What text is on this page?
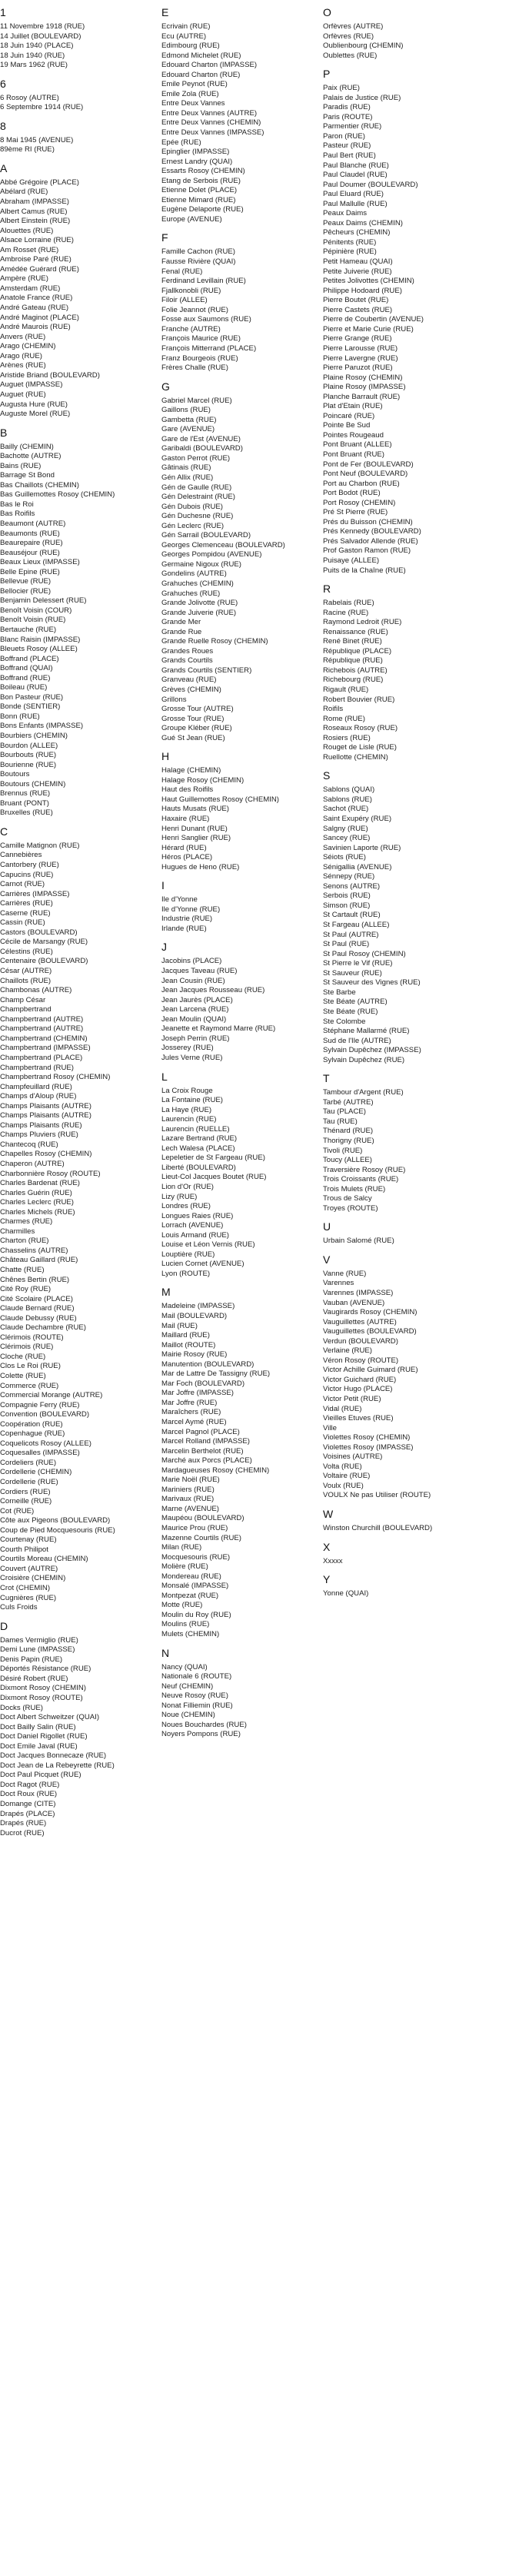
1
11 Novembre 1918 (RUE)
14 Juillet (BOULEVARD)
18 Juin 1940 (PLACE)
18 Juin 1940 (RUE)
19 Mars 1962 (RUE)
6
6 Rosoy (AUTRE)
6 Septembre 1914 (RUE)
8
8 Mai 1945 (AVENUE)
89ème RI (RUE)
A
Abbé Grégoire (PLACE)
Abélard (RUE)
Abraham (IMPASSE)
Albert Camus (RUE)
Albert Einstein (RUE)
Alouettes (RUE)
Alsace Lorraine (RUE)
Am Rosset (RUE)
Ambroise Paré (RUE)
Amédée Guérard (RUE)
Ampère (RUE)
Amsterdam (RUE)
Anatole France (RUE)
André Gateau (RUE)
André Maginot (PLACE)
André Maurois (RUE)
Anvers (RUE)
Arago (CHEMIN)
Arago (RUE)
Arènes (RUE)
Aristide Briand (BOULEVARD)
Auguet (IMPASSE)
Auguet (RUE)
Augusta Hure (RUE)
Auguste Morel (RUE)
B
Bailly (CHEMIN)
Bachotte (AUTRE)
Bains (RUE)
Barrage St Bond
Bas Chaillots (CHEMIN)
Bas Guillemottes Rosoy (CHEMIN)
Bas le Roi
Bas Roifils
Beaumont (AUTRE)
Beaumonts (RUE)
Beaurepaire (RUE)
Beauséjour (RUE)
Beaux Lieux (IMPASSE)
Belle Epine (RUE)
Bellevue (RUE)
Bellocier (RUE)
Benjamin Delessert (RUE)
Benoît Voisin (COUR)
Benoît Voisin (RUE)
Bertauche (RUE)
Blanc Raisin (IMPASSE)
Bleuets Rosoy (ALLEE)
Boffrand (PLACE)
Boffrand (QUAI)
Boffrand (RUE)
Boileau (RUE)
Bon Pasteur (RUE)
Bonde (SENTIER)
Bonn (RUE)
Bons Enfants (IMPASSE)
Bourbiers (CHEMIN)
Bourdon (ALLEE)
Bourbouts (RUE)
Bourienne (RUE)
Boutours
Boutours (CHEMIN)
Brennus (RUE)
Bruant (PONT)
Bruxelles (RUE)
C
Camille Matignon (RUE)
Cannebières
Cantorbery (RUE)
Capucins (RUE)
Carnot (RUE)
Carrières (IMPASSE)
Carrières (RUE)
Caserne (RUE)
Cassin (RUE)
Castors (BOULEVARD)
Cécile de Marsangy (RUE)
Célestins (RUE)
Centenaire (BOULEVARD)
César (AUTRE)
Chaillots (RUE)
Chambonas (AUTRE)
Champ César
Champbertrand
Champbertrand (AUTRE)
Champbertrand (AUTRE)
Champbertrand (CHEMIN)
Champbertrand (IMPASSE)
Champbertrand (PLACE)
Champbertrand (RUE)
Champbertrand Rosoy (CHEMIN)
Champfeuillard (RUE)
Champs d'Aloup (RUE)
Champs Plaisants (AUTRE)
Champs Plaisants (AUTRE)
Champs Plaisants (RUE)
Champs Pluviers (RUE)
Chantecoq (RUE)
Chapelles Rosoy (CHEMIN)
Chaperon (AUTRE)
Charbonnière Rosoy (ROUTE)
Charles Bardenat (RUE)
Charles Guérin (RUE)
Charles Leclerc (RUE)
Charles Michels (RUE)
Charmes (RUE)
Charmilles
Charton (RUE)
Chasselins (AUTRE)
Château Gaillard (RUE)
Chatte (RUE)
Chênes Bertin (RUE)
Cité Roy (RUE)
Cité Scolaire (PLACE)
Claude Bernard (RUE)
Claude Debussy (RUE)
Claude Dechambre (RUE)
Clérimois (ROUTE)
Clérimois (RUE)
Cloche (RUE)
Clos Le Roi (RUE)
Colette (RUE)
Commerce (RUE)
Commercial Morange (AUTRE)
Compagnie Ferry (RUE)
Convention (BOULEVARD)
Coopération (RUE)
Copenhague (RUE)
Coquelicots Rosoy (ALLEE)
Coquesalles (IMPASSE)
Cordeliers (RUE)
Cordellerie (CHEMIN)
Cordellerie (RUE)
Cordiers (RUE)
Corneille (RUE)
Cot (RUE)
Côte aux Pigeons (BOULEVARD)
Coup de Pied Mocquesouris (RUE)
Courtenay (RUE)
Courth Philipot
Courtils Moreau (CHEMIN)
Couvert (AUTRE)
Croisière (CHEMIN)
Crot (CHEMIN)
Cugnières (RUE)
Culs Froids
D
Dames Vermiglio (RUE)
Demi Lune (IMPASSE)
Denis Papin (RUE)
Déportés Résistance (RUE)
Désiré Robert (RUE)
Dixmont Rosoy (CHEMIN)
Dixmont Rosoy (ROUTE)
Docks (RUE)
Doct Albert Schweitzer (QUAI)
Doct Bailly Salin (RUE)
Doct Daniel Rigollet (RUE)
Doct Emile Javal (RUE)
Doct Jacques Bonnecaze (RUE)
Doct Jean de La Rebeyrette (RUE)
Doct Paul Picquet (RUE)
Doct Ragot (RUE)
Doct Roux (RUE)
Domange (CITE)
Drapés (PLACE)
Drapés (RUE)
Ducrot (RUE)
E
Ecrivain (RUE)
Ecu (AUTRE)
Edimbourg (RUE)
Edmond Michelet (RUE)
Edouard Charton (IMPASSE)
Edouard Charton (RUE)
Emile Peynot (RUE)
Emile Zola (RUE)
Entre Deux Vannes
Entre Deux Vannes (AUTRE)
Entre Deux Vannes (CHEMIN)
Entre Deux Vannes (IMPASSE)
Epée (RUE)
Epinglier (IMPASSE)
Ernest Landry (QUAI)
Essarts Rosoy (CHEMIN)
Etang de Serbois (RUE)
Etienne Dolet (PLACE)
Etienne Mimard (RUE)
Eugène Delaporte (RUE)
Europe (AVENUE)
F
Famille Cachon (RUE)
Fausse Rivière (QUAI)
Fenal (RUE)
Ferdinand Levillain (RUE)
Fjallkonobli (RUE)
Filoir (ALLEE)
Folie Jeannot (RUE)
Fosse aux Saumons (RUE)
Franche (AUTRE)
François Maurice (RUE)
François Mitterrand (PLACE)
Franz Bourgeois (RUE)
Frères Challe (RUE)
G
Gabriel Marcel (RUE)
Gaillons (RUE)
Gambetta (RUE)
Gare (AVENUE)
Gare de l'Est (AVENUE)
Garibaldi (BOULEVARD)
Gaston Perrot (RUE)
Gâtinais (RUE)
Gén Allix (RUE)
Gén de Gaulle (RUE)
Gén Delestraint (RUE)
Gén Dubois (RUE)
Gén Duchesne (RUE)
Gén Leclerc (RUE)
Gén Sarrail (BOULEVARD)
Georges Clemenceau (BOULEVARD)
Georges Pompidou (AVENUE)
Germaine Nigoux (RUE)
Gondelins (AUTRE)
Grahuches (CHEMIN)
Grahuches (RUE)
Grande Jolivotte (RUE)
Grande Juiverie (RUE)
Grande Mer
Grande Rue
Grande Ruelle Rosoy (CHEMIN)
Grandes Roues
Grands Courtils
Grands Courtils (SENTIER)
Granveau (RUE)
Grèves (CHEMIN)
Grillons
Grosse Tour (AUTRE)
Grosse Tour (RUE)
Groupe Kléber (RUE)
Gué St Jean (RUE)
H
Halage (CHEMIN)
Halage Rosoy (CHEMIN)
Haut des Roifils
Haut Guillemottes Rosoy (CHEMIN)
Hauts Musats (RUE)
Haxaire (RUE)
Henri Dunant (RUE)
Henri Sanglier (RUE)
Hérard (RUE)
Héros (PLACE)
Hugues de Heno (RUE)
I
Ile d'Yonne
Ile d'Yonne (RUE)
Industrie (RUE)
Irlande (RUE)
J
Jacobins (PLACE)
Jacques Taveau (RUE)
Jean Cousin (RUE)
Jean Jacques Rousseau (RUE)
Jean Jaurès (PLACE)
Jean Larcena (RUE)
Jean Moulin (QUAI)
Jeanette et Raymond Marre (RUE)
Joseph Perrin (RUE)
Josserey (RUE)
Jules Verne (RUE)
L
La Croix Rouge
La Fontaine (RUE)
La Haye (RUE)
Laurencin (RUE)
Laurencin (RUELLE)
Lazare Bertrand (RUE)
Lech Walesa (PLACE)
Lepeletier de St Fargeau (RUE)
Liberté (BOULEVARD)
Lieut-Col Jacques Boutet (RUE)
Lion d'Or (RUE)
Lizy (RUE)
Londres (RUE)
Longues Raies (RUE)
Lorrach (AVENUE)
Louis Armand (RUE)
Louise et Léon Vernis (RUE)
Louptière (RUE)
Lucien Cornet (AVENUE)
Lyon (ROUTE)
M
Madeleine (IMPASSE)
Mail (BOULEVARD)
Mail (RUE)
Maillard (RUE)
Maillot (ROUTE)
Mairie Rosoy (RUE)
Manutention (BOULEVARD)
Mar de Lattre De Tassigny (RUE)
Mar Foch (BOULEVARD)
Mar Joffre (IMPASSE)
Mar Joffre (RUE)
Maraîchers (RUE)
Marcel Aymé (RUE)
Marcel Pagnol (PLACE)
Marcel Rolland (IMPASSE)
Marcelin Berthelot (RUE)
Marché aux Porcs (PLACE)
Mardagueuses Rosoy (CHEMIN)
Marie Noël (RUE)
Mariniers (RUE)
Marivaux (RUE)
Marne (AVENUE)
Maupéou (BOULEVARD)
Maurice Prou (RUE)
Mazenne Courtils (RUE)
Milan (RUE)
Mocquesouris (RUE)
Molière (RUE)
Mondereau (RUE)
Monsalé (IMPASSE)
Montpezat (RUE)
Motte (RUE)
Moulin du Roy (RUE)
Moulins (RUE)
Mulets (CHEMIN)
N
Nancy (QUAI)
Nationale 6 (ROUTE)
Neuf (CHEMIN)
Neuve Rosoy (RUE)
Nonat Filliemin (RUE)
Noue (CHEMIN)
Noues Bouchardes (RUE)
Noyers Pompons (RUE)
O
Orfèvres (AUTRE)
Orfèvres (RUE)
Oublienbourg (CHEMIN)
Oublettes (RUE)
P
Paix (RUE)
Palais de Justice (RUE)
Paradis (RUE)
Paris (ROUTE)
Parmentier (RUE)
Paron (RUE)
Pasteur (RUE)
Paul Bert (RUE)
Paul Blanche (RUE)
Paul Claudel (RUE)
Paul Doumer (BOULEVARD)
Paul Eluard (RUE)
Paul Mallulle (RUE)
Peaux Daims
Peaux Daims (CHEMIN)
Pêcheurs (CHEMIN)
Pénitents (RUE)
Pépinière (RUE)
Petit Hameau (QUAI)
Petite Juiverie (RUE)
Petites Jolivottes (CHEMIN)
Philippe Hodoard (RUE)
Pierre Boutet (RUE)
Pierre Castets (RUE)
Pierre de Coubertin (AVENUE)
Pierre et Marie Curie (RUE)
Pierre Grange (RUE)
Pierre Larousse (RUE)
Pierre Lavergne (RUE)
Pierre Paruzot (RUE)
Plaine Rosoy (CHEMIN)
Plaine Rosoy (IMPASSE)
Planche Barrault (RUE)
Plat d'Etain (RUE)
Poincaré (RUE)
Pointe Be Sud
Pointes Rougeaud
Pont Bruant (ALLEE)
Pont Bruant (RUE)
Pont de Fer (BOULEVARD)
Pont Neuf (BOULEVARD)
Port au Charbon (RUE)
Port Bodot (RUE)
Port Rosoy (CHEMIN)
Pré St Pierre (RUE)
Prés du Buisson (CHEMIN)
Prés Kennedy (BOULEVARD)
Prés Salvador Allende (RUE)
Prof Gaston Ramon (RUE)
Puisaye (ALLEE)
Puits de la Chaîne (RUE)
R
Rabelais (RUE)
Racine (RUE)
Raymond Ledroit (RUE)
Renaissance (RUE)
René Binet (RUE)
République (PLACE)
République (RUE)
Richebois (AUTRE)
Richebourg (RUE)
Rigault (RUE)
Robert Bouvier (RUE)
Roifils
Rome (RUE)
Roseaux Rosoy (RUE)
Rosiers (RUE)
Rouget de Lisle (RUE)
Ruellotte (CHEMIN)
S
Sablons (QUAI)
Sablons (RUE)
Sachot (RUE)
Saint Exupéry (RUE)
Salgny (RUE)
Sancey (RUE)
Savinien Laporte (RUE)
Séiots (RUE)
Sénigallia (AVENUE)
Sénnepy (RUE)
Senons (AUTRE)
Serbois (RUE)
Simson (RUE)
St Cartault (RUE)
St Fargeau (ALLEE)
St Paul (AUTRE)
St Paul (RUE)
St Paul Rosoy (CHEMIN)
St Pierre le Vif (RUE)
St Sauveur (RUE)
St Sauveur des Vignes (RUE)
Ste Barbe
Ste Béate (AUTRE)
Ste Béate (RUE)
Ste Colombe
Stéphane Mallarmé (RUE)
Sud de l'Ile (AUTRE)
Sylvain Dupêchez (IMPASSE)
Sylvain Dupêchez (RUE)
T
Tambour d'Argent (RUE)
Tarbé (AUTRE)
Tau (PLACE)
Tau (RUE)
Thénard (RUE)
Thorigny (RUE)
Tivoli (RUE)
Toucy (ALLEE)
Traversière Rosoy (RUE)
Trois Croissants (RUE)
Trois Mulets (RUE)
Trous de Salcy
Troyes (ROUTE)
U
Urbain Salomé (RUE)
V
Vanne (RUE)
Varennes
Varennes (IMPASSE)
Vauban (AVENUE)
Vaugirards Rosoy (CHEMIN)
Vauguillettes (AUTRE)
Vauguillettes (BOULEVARD)
Verdun (BOULEVARD)
Verlaine (RUE)
Véron Rosoy (ROUTE)
Victor Achille Guimard (RUE)
Victor Guichard (RUE)
Victor Hugo (PLACE)
Victor Petit (RUE)
Vidal (RUE)
Vieilles Etuves (RUE)
Ville
Violettes Rosoy (CHEMIN)
Violettes Rosoy (IMPASSE)
Voisines (AUTRE)
Volta (RUE)
Voltaire (RUE)
Voulx (RUE)
VOULX Ne pas Utiliser (ROUTE)
W
Winston Churchill (BOULEVARD)
X
Xxxxx
Y
Yonne (QUAI)
